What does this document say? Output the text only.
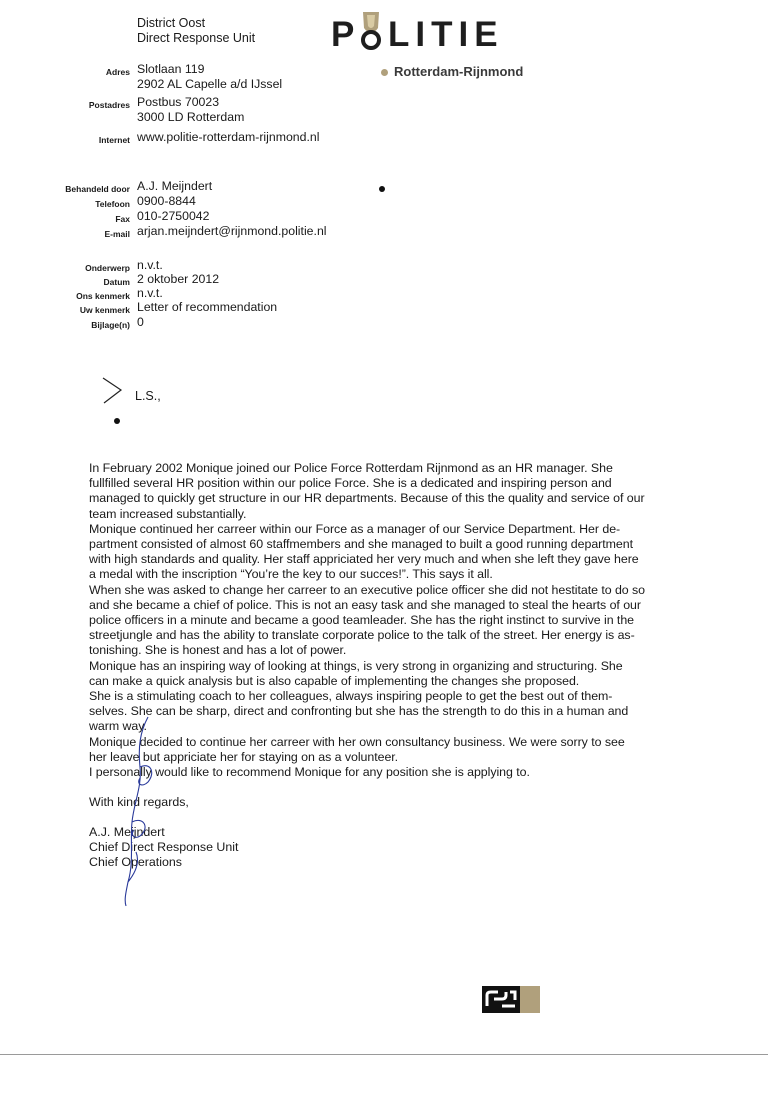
District Oost
Direct Response Unit P LITIE
Rotterdam-Rijnmond
Adres Slotlaan 119
2902 AL Capelle a/d IJssel
Postadres Postbus 70023
3000 LD Rotterdam
Internet www.politie-rotterdam-rijnmond.nl
Behandeld door A.J. Meijndert
Telefoon 0900-8844
Fax 010-2750042
E-mail arjan.meijndert@rijnmond.politie.nl
Onderwerp n.v.t.
Datum 2 oktober 2012
Ons kenmerk n.v.t.
Uw kenmerk Letter of recommendation
Bijlage(n) 0
L.S.,

In February 2002 Monique joined our Police Force Rotterdam Rijnmond as an HR manager. She

fullfilled several HR position within our police Force. She is a dedicated and inspiring person and

managed to quickly get structure in our HR departments. Because of this the quality and service of our

team increased substantially.

Monique continued her carreer within our Force as a manager of our Service Department. Her de-

partment consisted of almost 60 staffmembers and she managed to built a good running department

with high standards and quality. Her staff appriciated her very much and when she left they gave here

a medal with the inscription “You’re the key to our succes!”. This says it all.

When she was asked to change her carreer to an executive police officer she did not hestitate to do so

and she became a chief of police. This is not an easy task and she managed to steal the hearts of our

police officers in a minute and became a good teamleader. She has the right instinct to survive in the

streetjungle and has the ability to translate corporate police to the talk of the street. Her energy is as-

tonishing. She is honest and has a lot of power.

Monique has an inspiring way of looking at things, is very strong in organizing and structuring. She

can make a quick analysis but is also capable of implementing the changes she proposed.

She is a stimulating coach to her colleagues, always inspiring people to get the best out of them-

selves. She can be sharp, direct and confronting but she has the strength to do this in a human and

warm way.

Monique decided to continue her carreer with her own consultancy business. We were sorry to see

her leave but appriciate her for staying on as a volunteer.

I personally would like to recommend Monique for any position she is applying to.

With kind regards,
A.J. Meijndert
Chief Direct Response Unit
Chief Operations
